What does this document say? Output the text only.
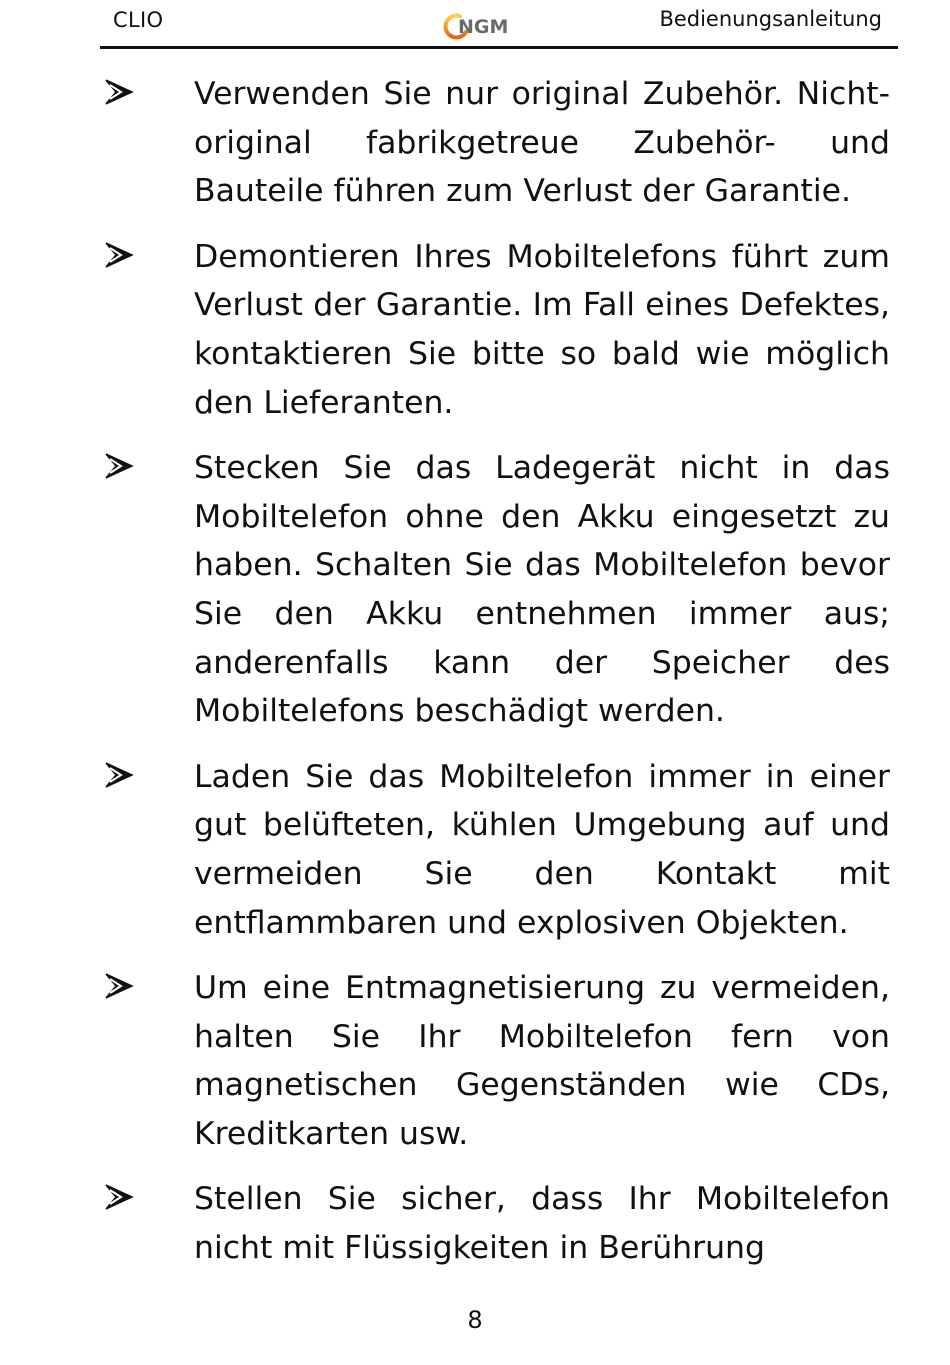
CLIO	NGM	Bedienungsanleitung
Verwenden Sie nur original Zubehör. Nicht-original fabrikgetreue Zubehör- und Bauteile führen zum Verlust der Garantie.
Demontieren Ihres Mobiltelefons führt zum Verlust der Garantie. Im Fall eines Defektes, kontaktieren Sie bitte so bald wie möglich den Lieferanten.
Stecken Sie das Ladegerät nicht in das Mobiltelefon ohne den Akku eingesetzt zu haben. Schalten Sie das Mobiltelefon bevor Sie den Akku entnehmen immer aus; anderenfalls kann der Speicher des Mobiltelefons beschädigt werden.
Laden Sie das Mobiltelefon immer in einer gut belüfteten, kühlen Umgebung auf und vermeiden Sie den Kontakt mit entflammbaren und explosiven Objekten.
Um eine Entmagnetisierung zu vermeiden, halten Sie Ihr Mobiltelefon fern von magnetischen Gegenständen wie CDs, Kreditkarten usw.
Stellen Sie sicher, dass Ihr Mobiltelefon nicht mit Flüssigkeiten in Berührung
8
